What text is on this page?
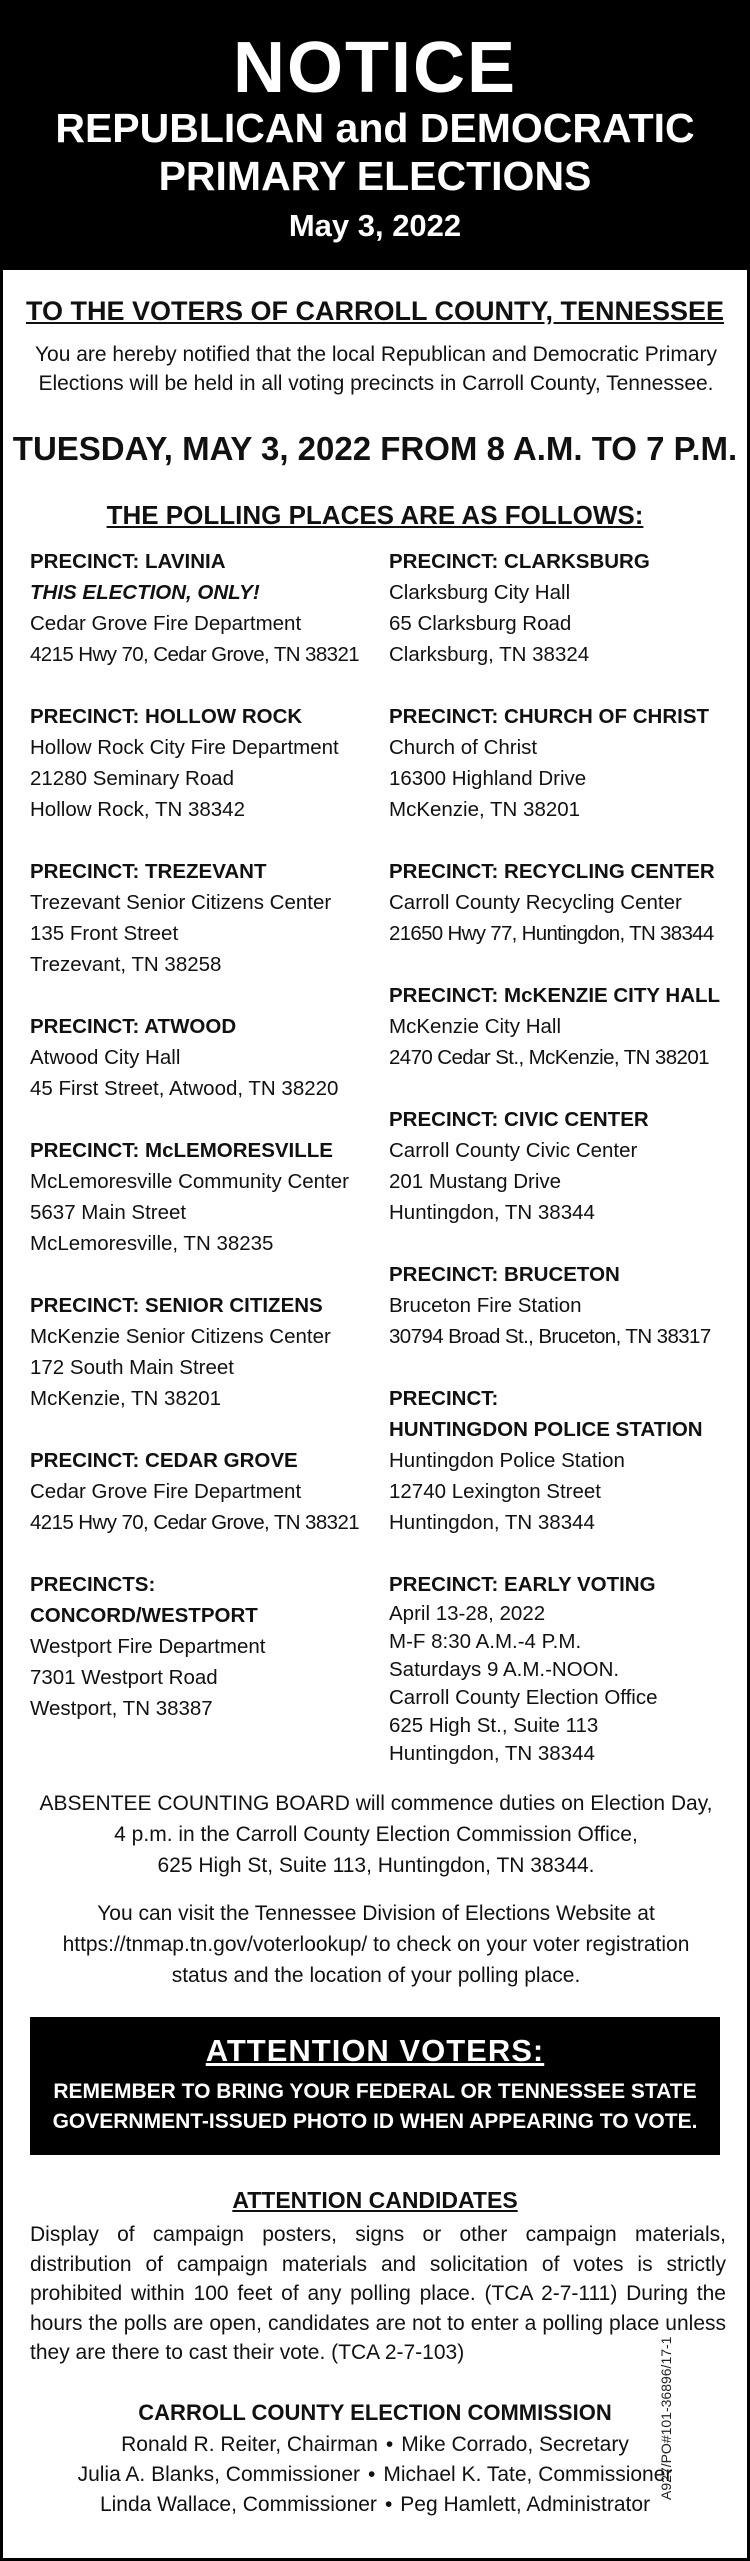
NOTICE
REPUBLICAN and DEMOCRATIC
PRIMARY ELECTIONS
May 3, 2022
TO THE VOTERS OF CARROLL COUNTY, TENNESSEE
You are hereby notified that the local Republican and Democratic Primary Elections will be held in all voting precincts in Carroll County, Tennessee.
TUESDAY, MAY 3, 2022 FROM 8 A.M. TO 7 P.M.
THE POLLING PLACES ARE AS FOLLOWS:
PRECINCT: LAVINIA
THIS ELECTION, ONLY!
Cedar Grove Fire Department
4215 Hwy 70, Cedar Grove, TN 38321
PRECINCT: HOLLOW ROCK
Hollow Rock City Fire Department
21280 Seminary Road
Hollow Rock, TN 38342
PRECINCT: TREZEVANT
Trezevant Senior Citizens Center
135 Front Street
Trezevant, TN 38258
PRECINCT: ATWOOD
Atwood City Hall
45 First Street, Atwood, TN 38220
PRECINCT: McLEMORESVILLE
McLemoresville Community Center
5637 Main Street
McLemoresville, TN 38235
PRECINCT: SENIOR CITIZENS
McKenzie Senior Citizens Center
172 South Main Street
McKenzie, TN 38201
PRECINCT: CEDAR GROVE
Cedar Grove Fire Department
4215 Hwy 70, Cedar Grove, TN 38321
PRECINCTS:
CONCORD/WESTPORT
Westport Fire Department
7301 Westport Road
Westport, TN 38387
PRECINCT: CLARKSBURG
Clarksburg City Hall
65 Clarksburg Road
Clarksburg, TN 38324
PRECINCT: CHURCH OF CHRIST
Church of Christ
16300 Highland Drive
McKenzie, TN 38201
PRECINCT: RECYCLING CENTER
Carroll County Recycling Center
21650 Hwy 77, Huntingdon, TN 38344
PRECINCT: McKENZIE CITY HALL
McKenzie City Hall
2470 Cedar St., McKenzie, TN 38201
PRECINCT: CIVIC CENTER
Carroll County Civic Center
201 Mustang Drive
Huntingdon, TN 38344
PRECINCT: BRUCETON
Bruceton Fire Station
30794 Broad St., Bruceton, TN 38317
PRECINCT:
HUNTINGDON POLICE STATION
Huntingdon Police Station
12740 Lexington Street
Huntingdon, TN 38344
PRECINCT: EARLY VOTING
April 13-28, 2022
M-F 8:30 A.M.-4 P.M.
Saturdays 9 A.M.-NOON.
Carroll County Election Office
625 High St., Suite 113
Huntingdon, TN 38344
ABSENTEE COUNTING BOARD will commence duties on Election Day,
4 p.m. in the Carroll County Election Commission Office,
625 High St, Suite 113, Huntingdon, TN 38344.
You can visit the Tennessee Division of Elections Website at
https://tnmap.tn.gov/voterlookup/ to check on your voter registration
status and the location of your polling place.
ATTENTION VOTERS:
REMEMBER TO BRING YOUR FEDERAL OR TENNESSEE STATE
GOVERNMENT-ISSUED PHOTO ID WHEN APPEARING TO VOTE.
ATTENTION CANDIDATES
Display of campaign posters, signs or other campaign materials, distribution of campaign materials and solicitation of votes is strictly prohibited within 100 feet of any polling place. (TCA 2-7-111) During the hours the polls are open, candidates are not to enter a polling place unless they are there to cast their vote. (TCA 2-7-103)
CARROLL COUNTY ELECTION COMMISSION
Ronald R. Reiter, Chairman • Mike Corrado, Secretary
Julia A. Blanks, Commissioner • Michael K. Tate, Commissioner
Linda Wallace, Commissioner • Peg Hamlett, Administrator
A927/PO#101-36896/17-1
